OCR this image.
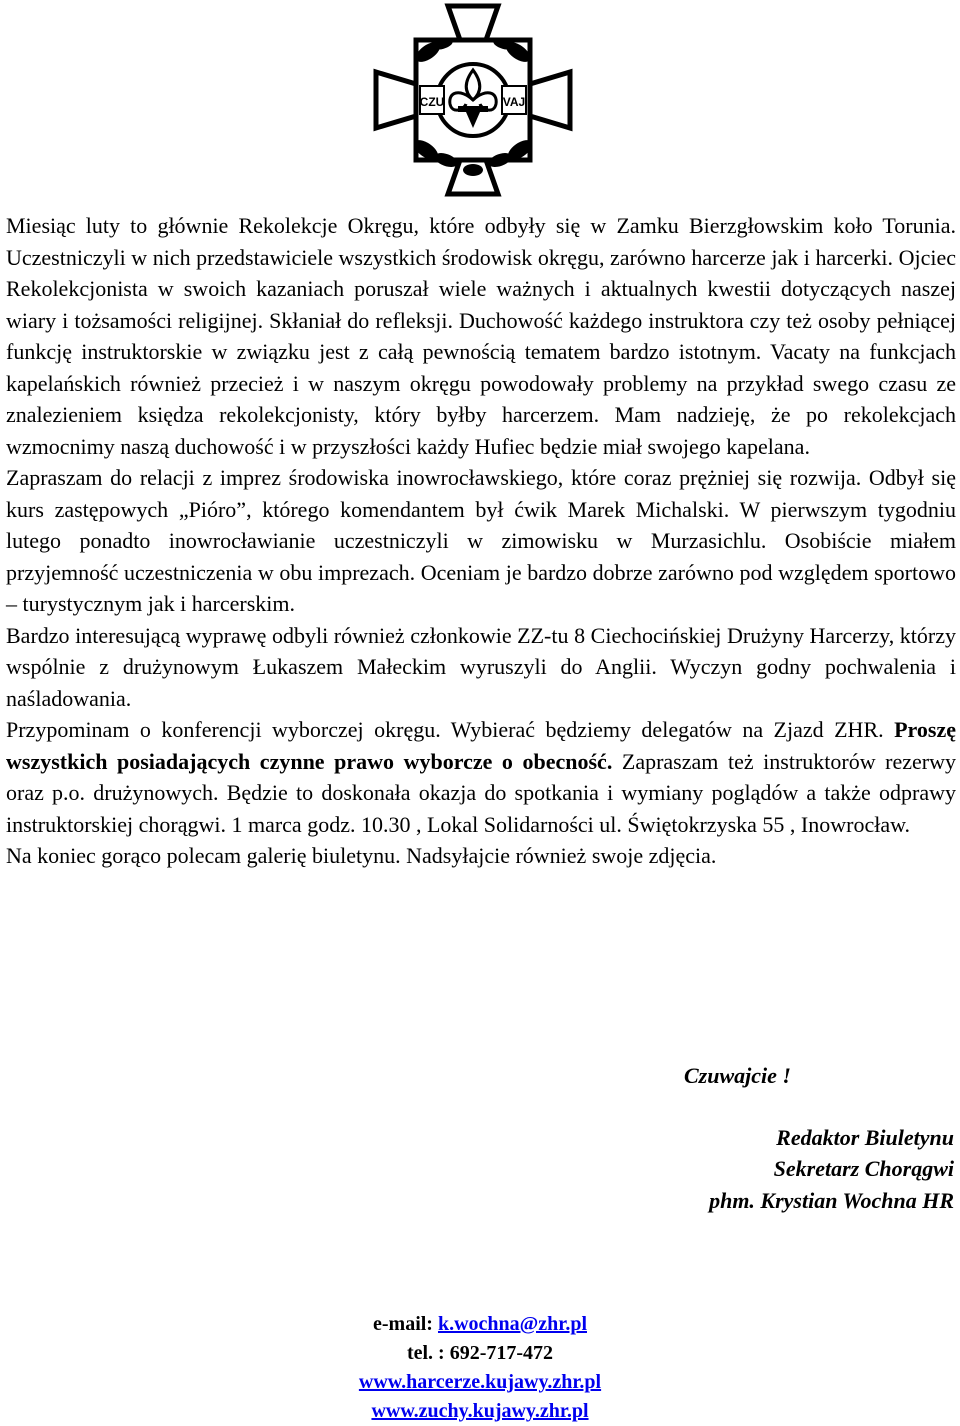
CZU	VAJ

Miesiąc luty to głównie Rekolekcje Okręgu, które odbyły się w Zamku Bierzgłowskim koło Torunia. Uczestniczyli w nich przedstawiciele wszystkich środowisk okręgu, zarówno harcerze jak i harcerki. Ojciec Rekolekcjonista w swoich kazaniach poruszał wiele ważnych i aktualnych kwestii dotyczących naszej wiary i tożsamości religijnej. Skłaniał do refleksji. Duchowość każdego instruktora czy też osoby pełniącej funkcję instruktorskie w związku jest z całą pewnością tematem bardzo istotnym. Vacaty na funkcjach kapelańskich również przecież i w naszym okręgu powodowały problemy na przykład swego czasu ze znalezieniem księdza rekolekcjonisty, który byłby harcerzem. Mam nadzieję, że po rekolekcjach wzmocnimy naszą duchowość i w przyszłości każdy Hufiec będzie miał swojego kapelana.

Zapraszam do relacji z imprez środowiska inowrocławskiego, które coraz prężniej się rozwija. Odbył się kurs zastępowych „Pióro”, którego komendantem był ćwik Marek Michalski. W pierwszym tygodniu lutego ponadto inowrocławianie uczestniczyli w zimowisku w Murzasichlu. Osobiście miałem przyjemność uczestniczenia w obu imprezach. Oceniam je bardzo dobrze zarówno pod względem sportowo – turystycznym jak i harcerskim.

Bardzo interesującą wyprawę odbyli również członkowie ZZ-tu 8 Ciechocińskiej Drużyny Harcerzy, którzy wspólnie z drużynowym Łukaszem Małeckim wyruszyli do Anglii. Wyczyn godny pochwalenia i naśladowania.

Przypominam o konferencji wyborczej okręgu. Wybierać będziemy delegatów na Zjazd ZHR. Proszę wszystkich posiadających czynne prawo wyborcze o obecność. Zapraszam też instruktorów rezerwy oraz p.o. drużynowych. Będzie to doskonała okazja do spotkania i wymiany poglądów a także odprawy instruktorskiej chorągwi. 1 marca godz. 10.30 , Lokal Solidarności ul. Świętokrzyska 55 , Inowrocław.

Na koniec gorąco polecam galerię biuletynu. Nadsyłajcie również swoje zdjęcia.

Czuwajcie !
Redaktor Biuletynu
Sekretarz Chorągwi
phm. Krystian Wochna HR
e-mail: k.wochna@zhr.pl
tel. : 692-717-472
www.harcerze.kujawy.zhr.pl
www.zuchy.kujawy.zhr.pl
